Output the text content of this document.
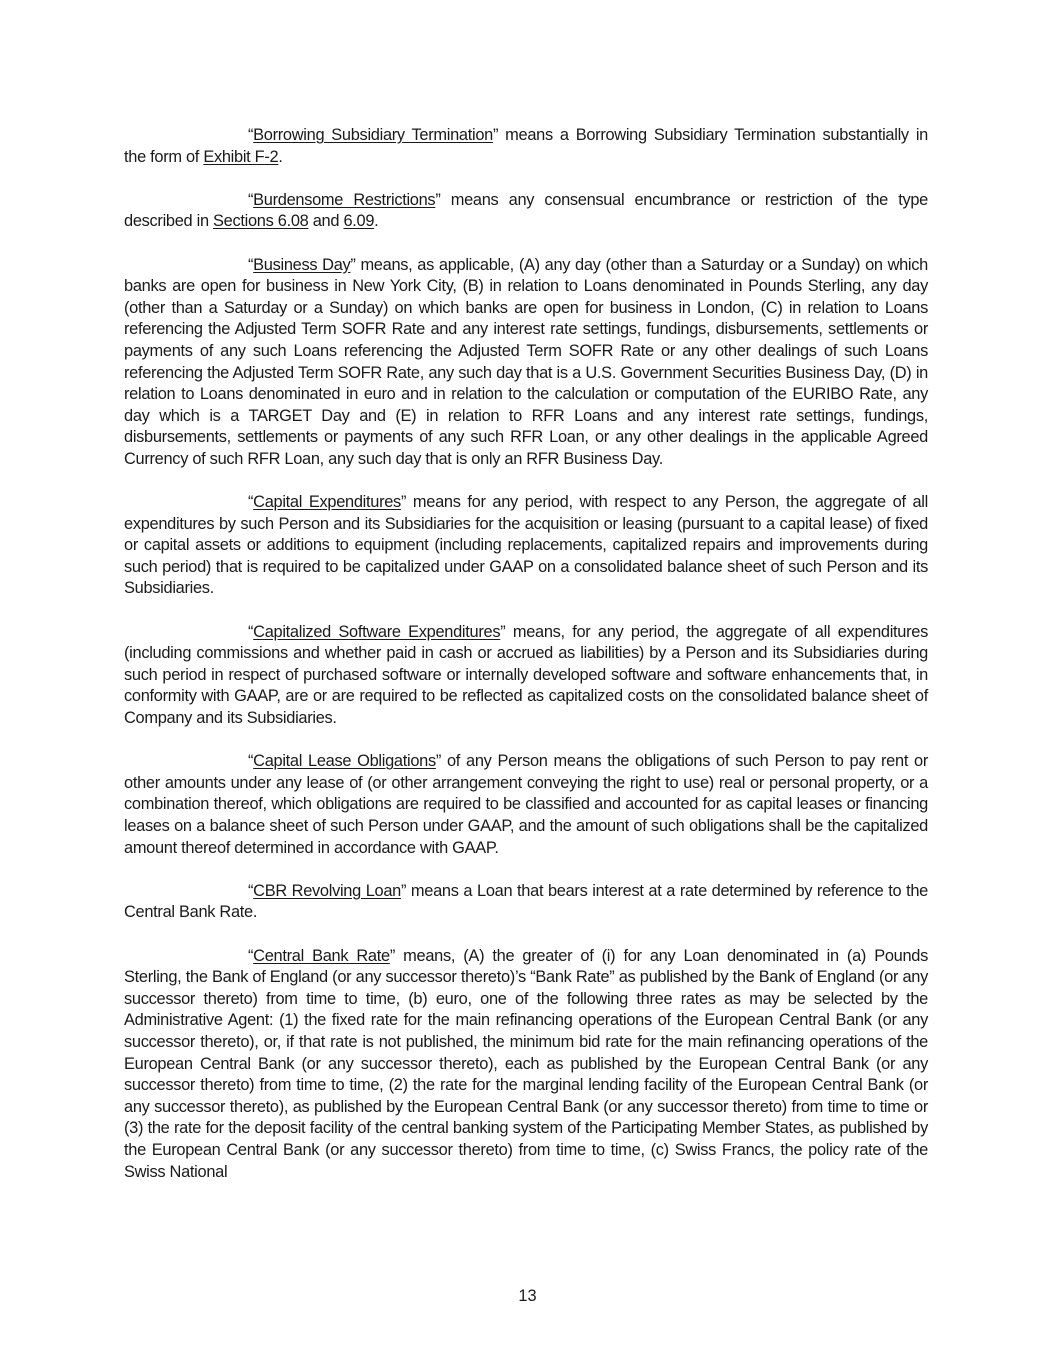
“Borrowing Subsidiary Termination” means a Borrowing Subsidiary Termination substantially in the form of Exhibit F-2.

“Burdensome Restrictions” means any consensual encumbrance or restriction of the type described in Sections 6.08 and 6.09.

“Business Day” means, as applicable, (A) any day (other than a Saturday or a Sunday) on which banks are open for business in New York City, (B) in relation to Loans denominated in Pounds Sterling, any day (other than a Saturday or a Sunday) on which banks are open for business in London, (C) in relation to Loans referencing the Adjusted Term SOFR Rate and any interest rate settings, fundings, disbursements, settlements or payments of any such Loans referencing the Adjusted Term SOFR Rate or any other dealings of such Loans referencing the Adjusted Term SOFR Rate, any such day that is a U.S. Government Securities Business Day, (D) in relation to Loans denominated in euro and in relation to the calculation or computation of the EURIBO Rate, any day which is a TARGET Day and (E) in relation to RFR Loans and any interest rate settings, fundings, disbursements, settlements or payments of any such RFR Loan, or any other dealings in the applicable Agreed Currency of such RFR Loan, any such day that is only an RFR Business Day.

“Capital Expenditures” means for any period, with respect to any Person, the aggregate of all expenditures by such Person and its Subsidiaries for the acquisition or leasing (pursuant to a capital lease) of fixed or capital assets or additions to equipment (including replacements, capitalized repairs and improvements during such period) that is required to be capitalized under GAAP on a consolidated balance sheet of such Person and its Subsidiaries.

“Capitalized Software Expenditures” means, for any period, the aggregate of all expenditures (including commissions and whether paid in cash or accrued as liabilities) by a Person and its Subsidiaries during such period in respect of purchased software or internally developed software and software enhancements that, in conformity with GAAP, are or are required to be reflected as capitalized costs on the consolidated balance sheet of Company and its Subsidiaries.

“Capital Lease Obligations” of any Person means the obligations of such Person to pay rent or other amounts under any lease of (or other arrangement conveying the right to use) real or personal property, or a combination thereof, which obligations are required to be classified and accounted for as capital leases or financing leases on a balance sheet of such Person under GAAP, and the amount of such obligations shall be the capitalized amount thereof determined in accordance with GAAP.

“CBR Revolving Loan” means a Loan that bears interest at a rate determined by reference to the Central Bank Rate.

“Central Bank Rate” means, (A) the greater of (i) for any Loan denominated in (a) Pounds Sterling, the Bank of England (or any successor thereto)’s “Bank Rate” as published by the Bank of England (or any successor thereto) from time to time, (b) euro, one of the following three rates as may be selected by the Administrative Agent: (1) the fixed rate for the main refinancing operations of the European Central Bank (or any successor thereto), or, if that rate is not published, the minimum bid rate for the main refinancing operations of the European Central Bank (or any successor thereto), each as published by the European Central Bank (or any successor thereto) from time to time, (2) the rate for the marginal lending facility of the European Central Bank (or any successor thereto), as published by the European Central Bank (or any successor thereto) from time to time or (3) the rate for the deposit facility of the central banking system of the Participating Member States, as published by the European Central Bank (or any successor thereto) from time to time, (c) Swiss Francs, the policy rate of the Swiss National

13
